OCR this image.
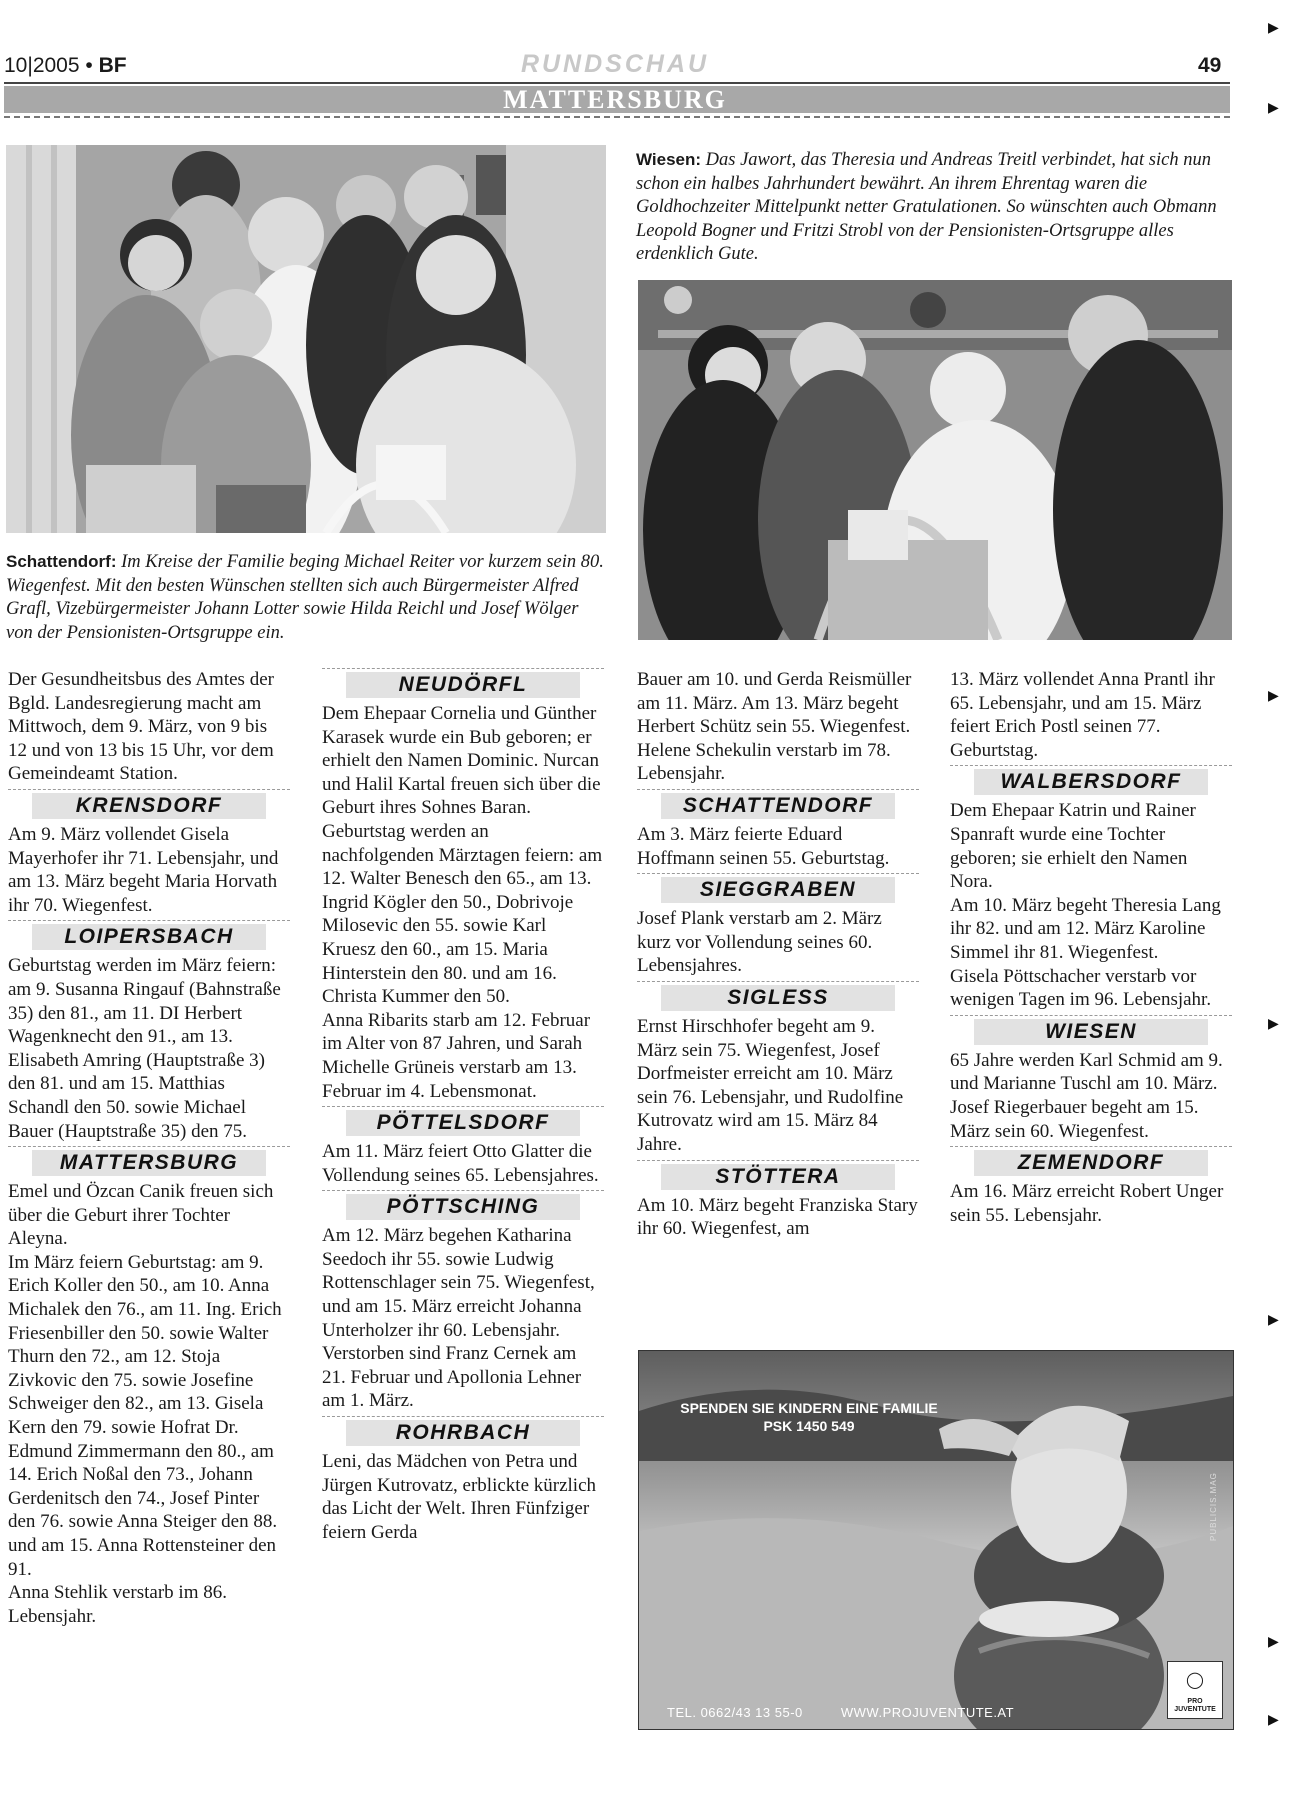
10|2005 • BF	RUNDSCHAU	49
MATTERSBURG
Schattendorf: Im Kreise der Familie beging Michael Reiter vor kurzem sein 80. Wiegenfest. Mit den besten Wünschen stellten sich auch Bürgermeister Alfred Grafl, Vizebürgermeister Johann Lotter sowie Hilda Reichl und Josef Wölger von der Pensionisten-Ortsgruppe ein.
Wiesen: Das Jawort, das Theresia und Andreas Treitl verbindet, hat sich nun schon ein halbes Jahrhundert bewährt. An ihrem Ehrentag waren die Goldhochzeiter Mittelpunkt netter Gratulationen. So wünschten auch Obmann Leopold Bogner und Fritzi Strobl von der Pensionisten-Ortsgruppe alles erdenklich Gute.

Der Gesundheitsbus des Amtes der Bgld. Landesregierung macht am Mittwoch, dem 9. März, von 9 bis 12 und von 13 bis 15 Uhr, vor dem Gemeindeamt Station.

KRENSDORF

Am 9. März vollendet Gisela Mayerhofer ihr 71. Lebensjahr, und am 13. März begeht Maria Horvath ihr 70. Wiegenfest.

LOIPERSBACH

Geburtstag werden im März feiern: am 9. Susanna Ringauf (Bahnstraße 35) den 81., am 11. DI Herbert Wagenknecht den 91., am 13. Elisabeth Amring (Hauptstraße 3) den 81. und am 15. Matthias Schandl den 50. sowie Michael Bauer (Hauptstraße 35) den 75.

MATTERSBURG

Emel und Özcan Canik freuen sich über die Geburt ihrer Tochter Aleyna.

Im März feiern Geburtstag: am 9. Erich Koller den 50., am 10. Anna Michalek den 76., am 11. Ing. Erich Friesenbiller den 50. sowie Walter Thurn den 72., am 12. Stoja Zivkovic den 75. sowie Josefine Schweiger den 82., am 13. Gisela Kern den 79. sowie Hofrat Dr. Edmund Zimmermann den 80., am 14. Erich Noßal den 73., Johann Gerdenitsch den 74., Josef Pinter den 76. sowie Anna Steiger den 88. und am 15. Anna Rottensteiner den 91.

Anna Stehlik verstarb im 86. Lebensjahr.

NEUDÖRFL

Dem Ehepaar Cornelia und Günther Karasek wurde ein Bub geboren; er erhielt den Namen Dominic. Nurcan und Halil Kartal freuen sich über die Geburt ihres Sohnes Baran.

Geburtstag werden an nachfolgenden Märztagen feiern: am 12. Walter Benesch den 65., am 13. Ingrid Kögler den 50., Dobrivoje Milosevic den 55. sowie Karl Kruesz den 60., am 15. Maria Hinterstein den 80. und am 16. Christa Kummer den 50.

Anna Ribarits starb am 12. Februar im Alter von 87 Jahren, und Sarah Michelle Grüneis verstarb am 13. Februar im 4. Lebensmonat.

PÖTTELSDORF

Am 11. März feiert Otto Glatter die Vollendung seines 65. Lebensjahres.

PÖTTSCHING

Am 12. März begehen Katharina Seedoch ihr 55. sowie Ludwig Rottenschlager sein 75. Wiegenfest, und am 15. März erreicht Johanna Unterholzer ihr 60. Lebensjahr.

Verstorben sind Franz Cernek am 21. Februar und Apollonia Lehner am 1. März.

ROHRBACH

Leni, das Mädchen von Petra und Jürgen Kutrovatz, erblickte kürzlich das Licht der Welt. Ihren Fünfziger feiern Gerda

Bauer am 10. und Gerda Reismüller am 11. März. Am 13. März begeht Herbert Schütz sein 55. Wiegenfest.

Helene Schekulin verstarb im 78. Lebensjahr.

SCHATTENDORF

Am 3. März feierte Eduard Hoffmann seinen 55. Geburtstag.

SIEGGRABEN

Josef Plank verstarb am 2. März kurz vor Vollendung seines 60. Lebensjahres.

SIGLESS

Ernst Hirschhofer begeht am 9. März sein 75. Wiegenfest, Josef Dorfmeister erreicht am 10. März sein 76. Lebensjahr, und Rudolfine Kutrovatz wird am 15. März 84 Jahre.

STÖTTERA

Am 10. März begeht Franziska Stary ihr 60. Wiegenfest, am

13. März vollendet Anna Prantl ihr 65. Lebensjahr, und am 15. März feiert Erich Postl seinen 77. Geburtstag.

WALBERSDORF

Dem Ehepaar Katrin und Rainer Spanraft wurde eine Tochter geboren; sie erhielt den Namen Nora.

Am 10. März begeht Theresia Lang ihr 82. und am 12. März Karoline Simmel ihr 81. Wiegenfest.

Gisela Pöttschacher verstarb vor wenigen Tagen im 96. Lebensjahr.

WIESEN

65 Jahre werden Karl Schmid am 9. und Marianne Tuschl am 10. März. Josef Riegerbauer begeht am 15. März sein 60. Wiegenfest.

ZEMENDORF

Am 16. März erreicht Robert Unger sein 55. Lebensjahr.

SPENDEN SIE KINDERN EINE FAMILIE
PSK 1450 549
TEL. 0662/43 13 55-0	WWW.PROJUVENTUTE.AT
PUBLICIS.MAG
◯
PRO JUVENTUTE
▶
▶
▶
▶
▶
▶
▶
